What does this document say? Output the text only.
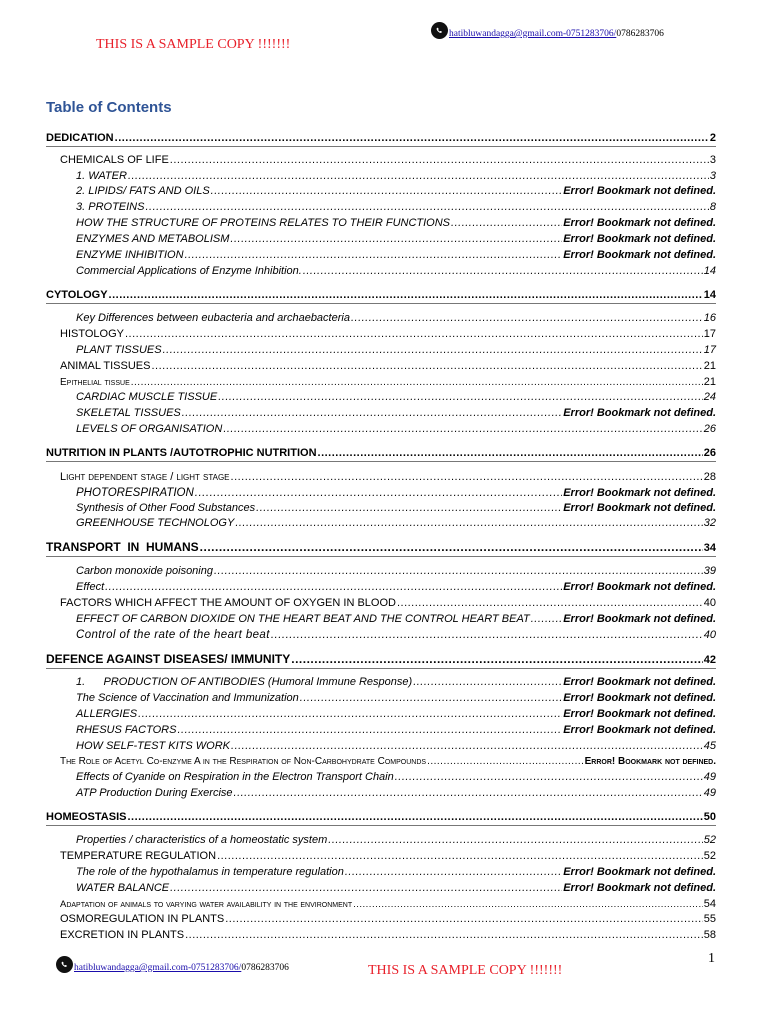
THIS IS A SAMPLE COPY !!!!!!!
hatibluwandagga@gmail.com-0751283706/ 0786283706
Table of Contents
DEDICATION .....	2
CHEMICALS OF LIFE .....	3
1. WATER .....	3
2. LIPIDS/ FATS AND OILS .....	Error! Bookmark not defined.
3. PROTEINS .....	8
HOW THE STRUCTURE OF PROTEINS RELATES TO THEIR FUNCTIONS .....	Error! Bookmark not defined.
ENZYMES AND METABOLISM .....	Error! Bookmark not defined.
ENZYME INHIBITION .....	Error! Bookmark not defined.
Commercial Applications of Enzyme Inhibition. .....	14
CYTOLOGY .....	14
Key Differences between eubacteria and archaebacteria .....	16
HISTOLOGY .....	17
PLANT TISSUES .....	17
ANIMAL TISSUES .....	21
Epithelial tissue .....	21
CARDIAC MUSCLE TISSUE .....	24
SKELETAL TISSUES .....	Error! Bookmark not defined.
LEVELS OF ORGANISATION .....	26
NUTRITION IN PLANTS /AUTOTROPHIC NUTRITION .....	26
Light dependent stage / light stage .....	28
PHOTORESPIRATION .....	Error! Bookmark not defined.
Synthesis of Other Food Substances .....	Error! Bookmark not defined.
GREENHOUSE TECHNOLOGY .....	32
TRANSPORT  IN  HUMANS .....	34
Carbon monoxide poisoning .....	39
Effect .....	Error! Bookmark not defined.
FACTORS WHICH AFFECT THE AMOUNT OF OXYGEN IN BLOOD .....	40
EFFECT OF CARBON DIOXIDE ON THE HEART BEAT AND THE CONTROL HEART BEAT .....	Error! Bookmark not defined.
Control of the rate of the heart beat .....	40
DEFENCE AGAINST DISEASES/ IMMUNITY .....	42
1.      PRODUCTION OF ANTIBODIES (Humoral Immune Response) .....	Error! Bookmark not defined.
The Science of Vaccination and Immunization .....	Error! Bookmark not defined.
ALLERGIES .....	Error! Bookmark not defined.
RHESUS FACTORS .....	Error! Bookmark not defined.
HOW SELF-TEST KITS WORK .....	45
The Role of Acetyl Co-enzyme A in the Respiration of Non-Carbohydrate Compounds .....	Error! Bookmark not defined.
Effects of Cyanide on Respiration in the Electron Transport Chain .....	49
ATP Production During Exercise .....	49
HOMEOSTASIS .....	50
Properties / characteristics of a homeostatic system .....	52
TEMPERATURE REGULATION .....	52
The role of the hypothalamus in temperature regulation .....	Error! Bookmark not defined.
WATER BALANCE .....	Error! Bookmark not defined.
Adaptation of animals to varying water availability in the environment .....	54
OSMOREGULATION IN PLANTS .....	55
EXCRETION IN PLANTS .....	58
1
hatibluwandagga@gmail.com-0751283706/ 0786283706	THIS IS A SAMPLE COPY !!!!!!!
